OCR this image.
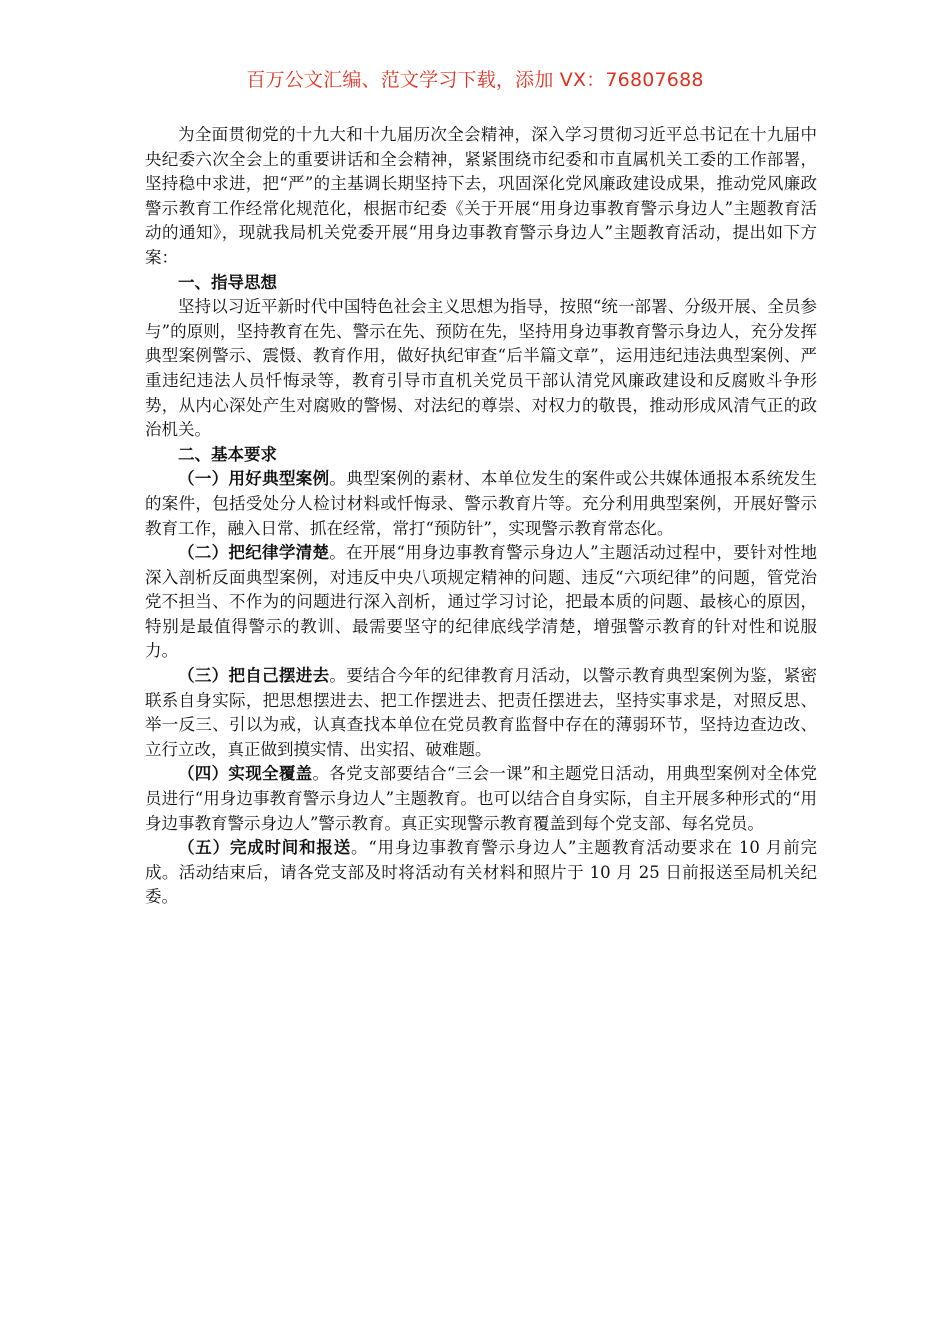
百万公文汇编、范文学习下载，添加 VX：76807688

为全面贯彻党的十九大和十九届历次全会精神，深入学习贯彻习近平总书记在十九届中央纪委六次全会上的重要讲话和全会精神，紧紧围绕市纪委和市直属机关工委的工作部署，坚持稳中求进，把“严”的主基调长期坚持下去，巩固深化党风廉政建设成果，推动党风廉政警示教育工作经常化规范化，根据市纪委《关于开展“用身边事教育警示身边人”主题教育活动的通知》，现就我局机关党委开展“用身边事教育警示身边人”主题教育活动，提出如下方案：

一、指导思想

坚持以习近平新时代中国特色社会主义思想为指导，按照“统一部署、分级开展、全员参与”的原则，坚持教育在先、警示在先、预防在先，坚持用身边事教育警示身边人，充分发挥典型案例警示、震慑、教育作用，做好执纪审查“后半篇文章”，运用违纪违法典型案例、严重违纪违法人员忏悔录等，教育引导市直机关党员干部认清党风廉政建设和反腐败斗争形势，从内心深处产生对腐败的警惕、对法纪的尊崇、对权力的敬畏，推动形成风清气正的政治机关。

二、基本要求

（一）用好典型案例。典型案例的素材、本单位发生的案件或公共媒体通报本系统发生的案件，包括受处分人检讨材料或忏悔录、警示教育片等。充分利用典型案例，开展好警示教育工作，融入日常、抓在经常，常打“预防针”，实现警示教育常态化。

（二）把纪律学清楚。在开展“用身边事教育警示身边人”主题活动过程中，要针对性地深入剖析反面典型案例，对违反中央八项规定精神的问题、违反“六项纪律”的问题，管党治党不担当、不作为的问题进行深入剖析，通过学习讨论，把最本质的问题、最核心的原因，特别是最值得警示的教训、最需要坚守的纪律底线学清楚，增强警示教育的针对性和说服力。

（三）把自己摆进去。要结合今年的纪律教育月活动，以警示教育典型案例为鉴，紧密联系自身实际，把思想摆进去、把工作摆进去、把责任摆进去，坚持实事求是，对照反思、举一反三、引以为戒，认真查找本单位在党员教育监督中存在的薄弱环节，坚持边查边改、立行立改，真正做到摸实情、出实招、破难题。

（四）实现全覆盖。各党支部要结合“三会一课”和主题党日活动，用典型案例对全体党员进行“用身边事教育警示身边人”主题教育。也可以结合自身实际，自主开展多种形式的“用身边事教育警示身边人”警示教育。真正实现警示教育覆盖到每个党支部、每名党员。

（五）完成时间和报送。“用身边事教育警示身边人”主题教育活动要求在 10 月前完成。活动结束后，请各党支部及时将活动有关材料和照片于 10 月 25 日前报送至局机关纪委。
